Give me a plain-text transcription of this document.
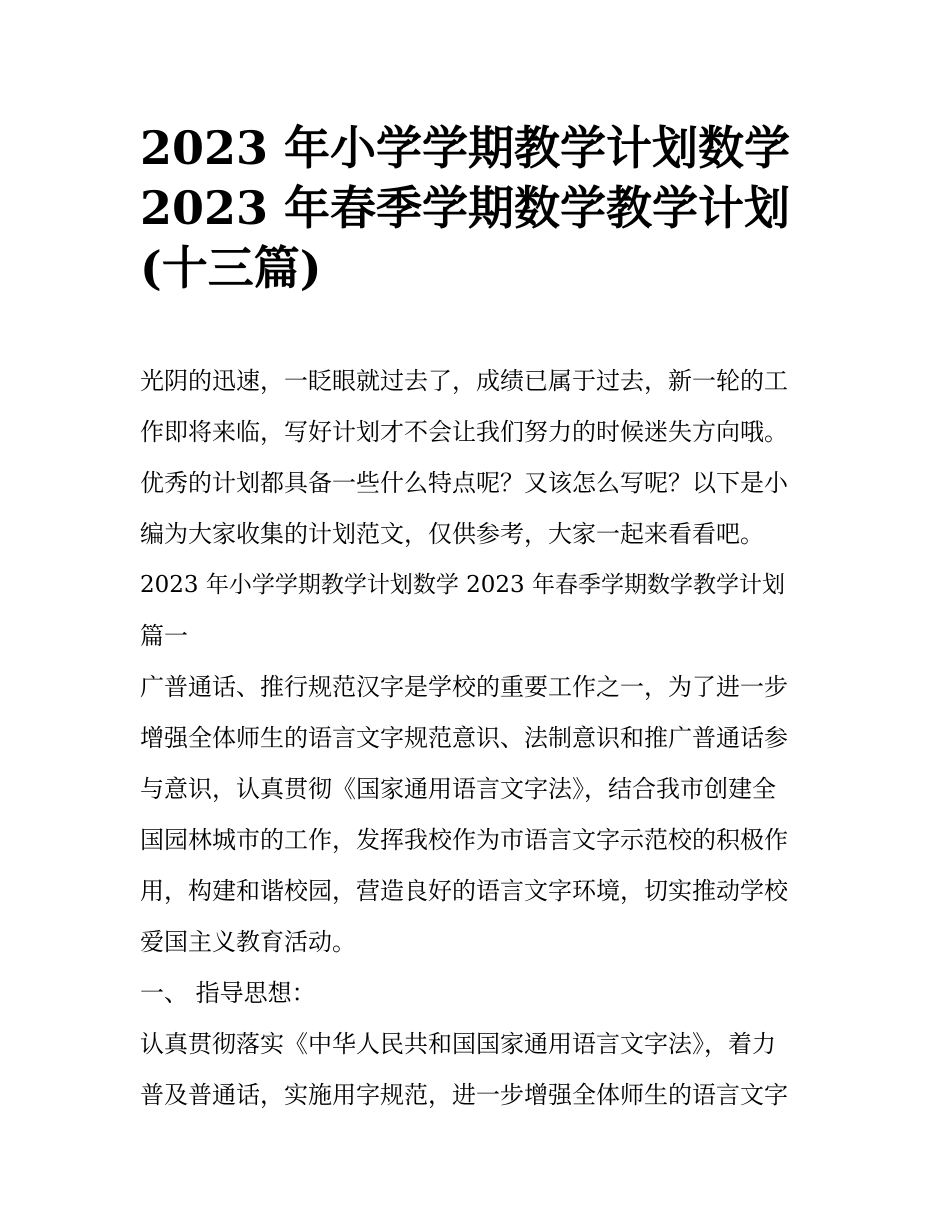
2023 年小学学期教学计划数学
2023 年春季学期数学教学计划
(十三篇)
光阴的迅速，一眨眼就过去了，成绩已属于过去，新一轮的工
作即将来临，写好计划才不会让我们努力的时候迷失方向哦。
优秀的计划都具备一些什么特点呢？又该怎么写呢？以下是小
编为大家收集的计划范文，仅供参考，大家一起来看看吧。
2023 年小学学期教学计划数学 2023 年春季学期数学教学计划
篇一
广普通话、推行规范汉字是学校的重要工作之一，为了进一步
增强全体师生的语言文字规范意识、法制意识和推广普通话参
与意识，认真贯彻《国家通用语言文字法》，结合我市创建全
国园林城市的工作，发挥我校作为市语言文字示范校的积极作
用，构建和谐校园，营造良好的语言文字环境，切实推动学校
爱国主义教育活动。
一、 指导思想：
认真贯彻落实《中华人民共和国国家通用语言文字法》，着力
普及普通话，实施用字规范，进一步增强全体师生的语言文字
